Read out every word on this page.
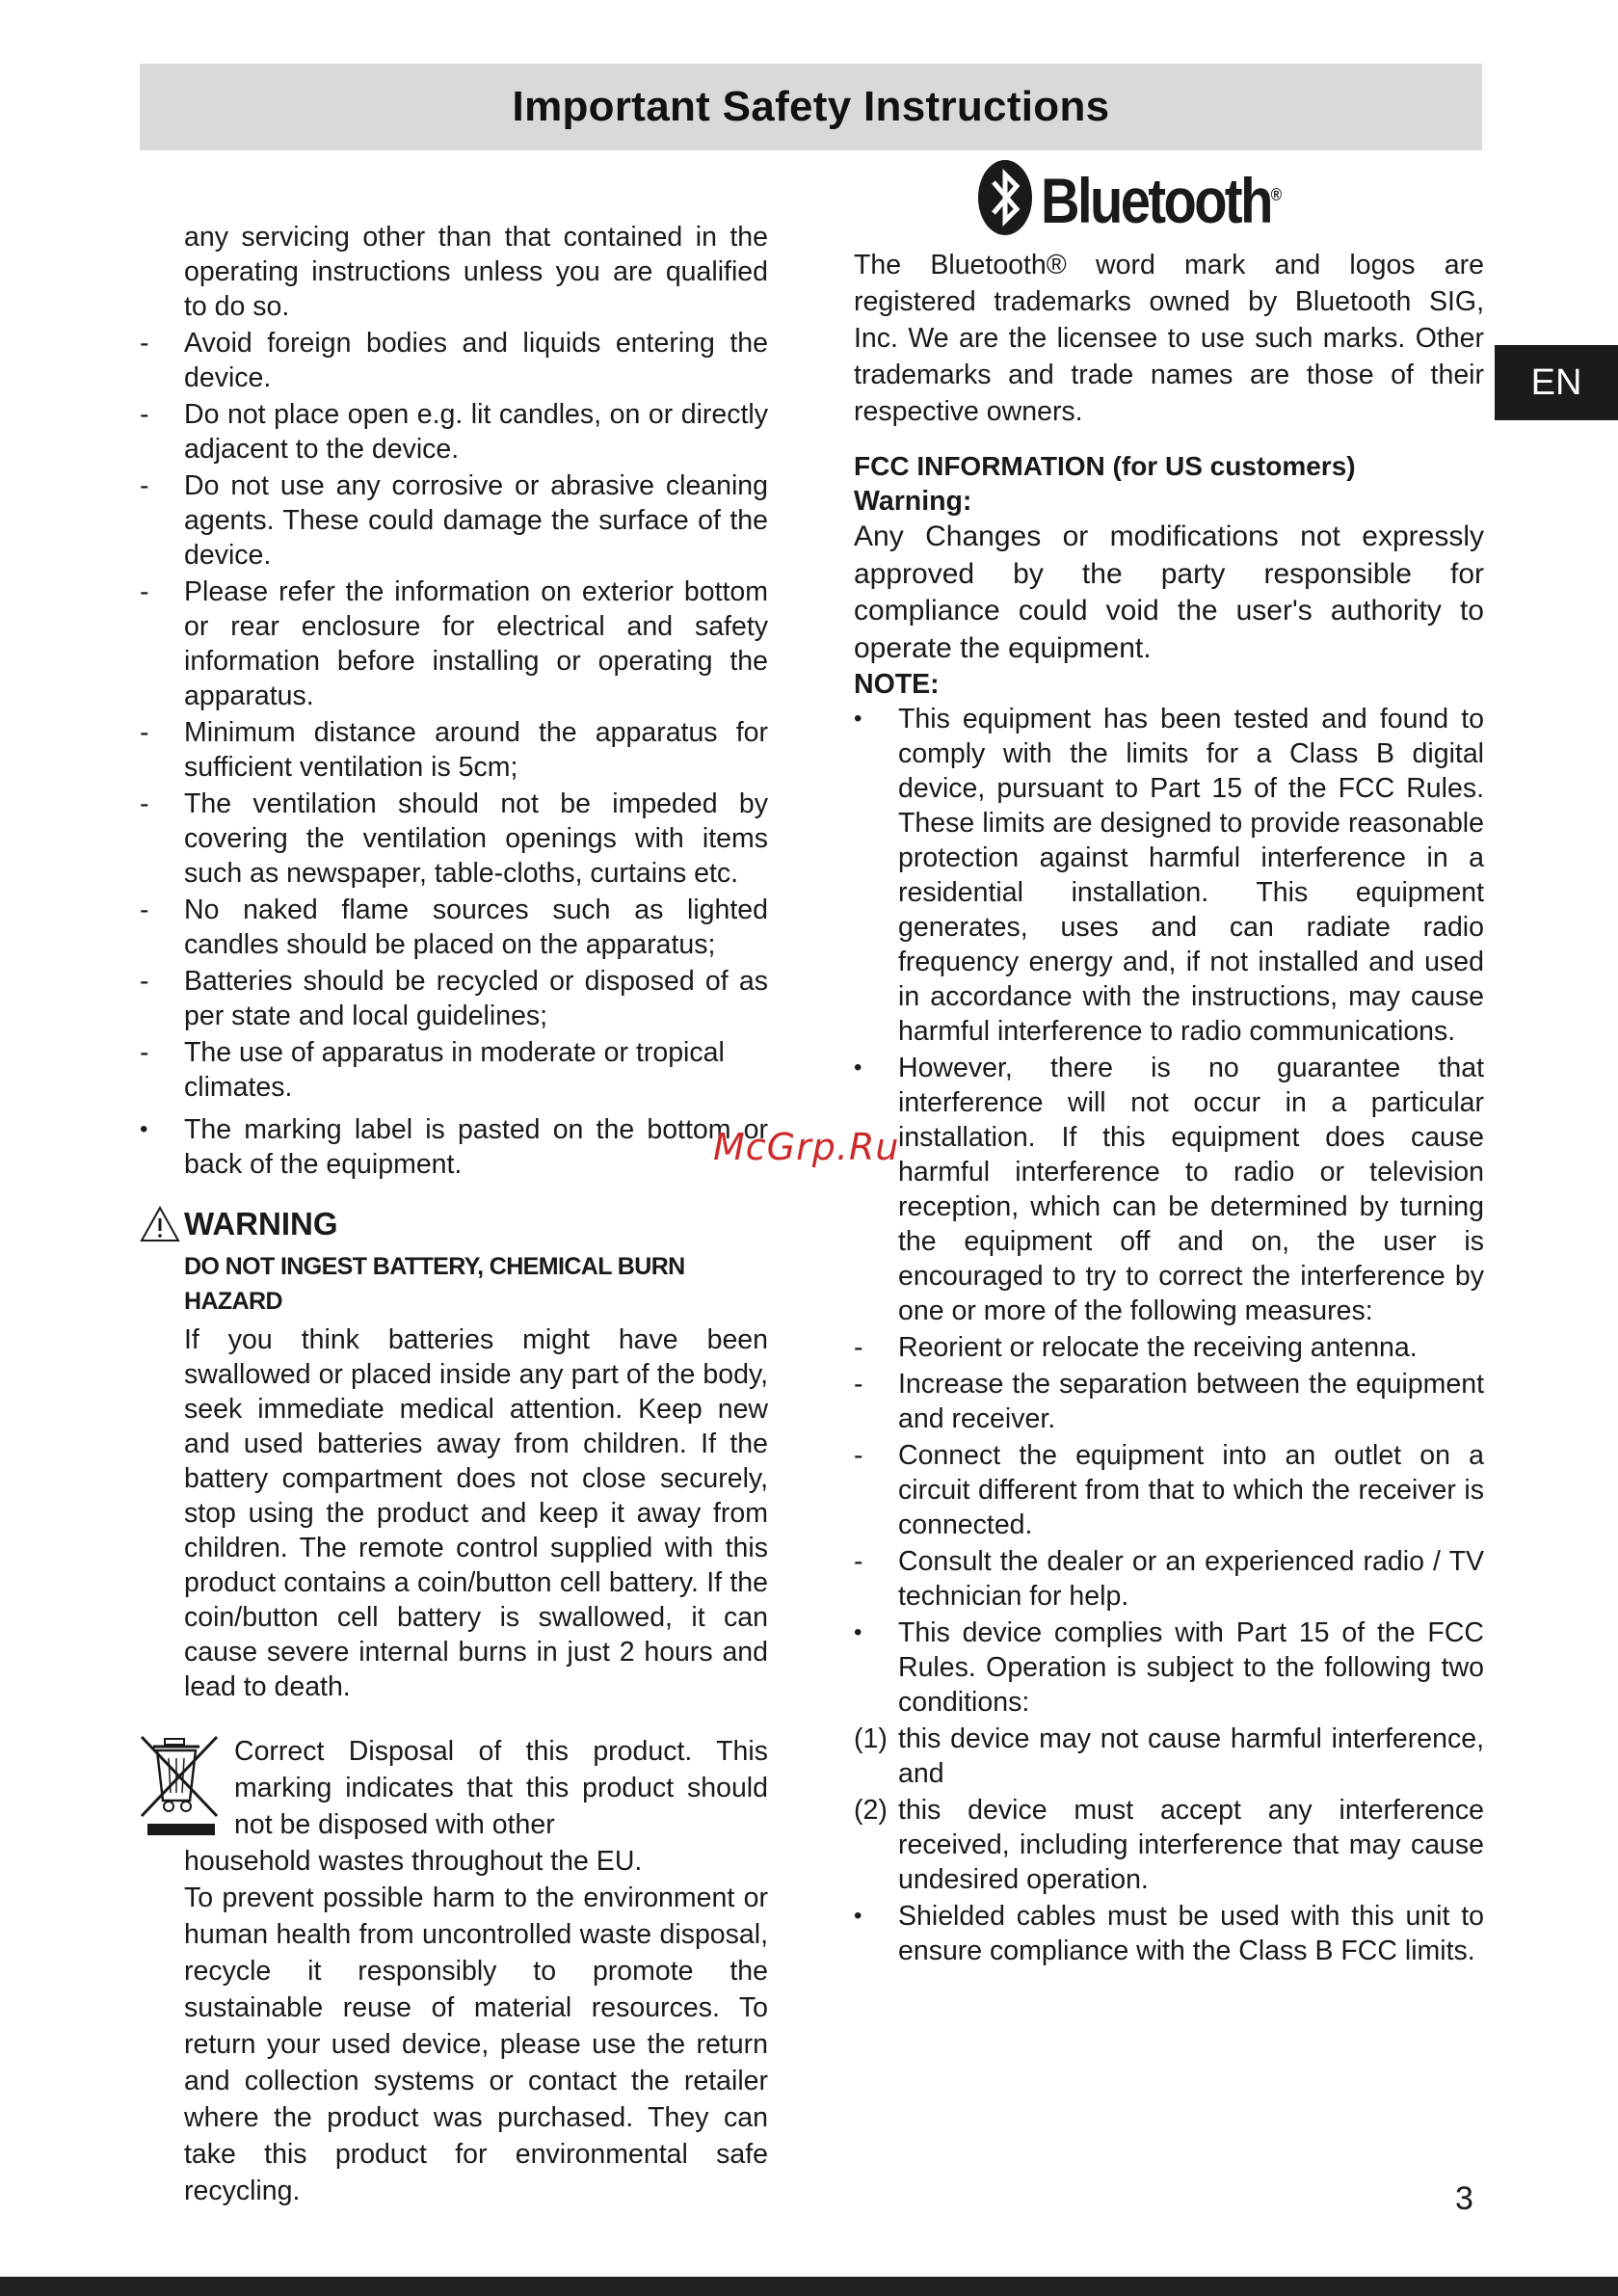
Important Safety Instructions
EN

any servicing other than that contained in the operating instructions unless you are qualified to do so.

-	Avoid foreign bodies and liquids entering the device.
-	Do not place open e.g. lit candles, on or directly adjacent to the device.
-	Do not use any corrosive or abrasive cleaning agents. These could damage the surface of the device.
-	Please refer the information on exterior bottom or rear enclosure for electrical and safety information before installing or operating the apparatus.
-	Minimum distance around the apparatus for sufficient ventilation is 5cm;
-	The ventilation should not be impeded by covering the ventilation openings with items such as newspaper, table-cloths, curtains etc.
-	No naked flame sources such as lighted candles should be placed on the apparatus;
-	Batteries should be recycled or disposed of as per state and local guidelines;
-	The use of apparatus in moderate or tropical climates.
•	The marking label is pasted on the bottom or back of the equipment.
WARNING
DO NOT INGEST BATTERY, CHEMICAL BURN HAZARD

If you think batteries might have been swallowed or placed inside any part of the body, seek immediate medical attention. Keep new and used batteries away from children. If the battery compartment does not close securely, stop using the product and keep it away from children. The remote control supplied with this product contains a coin/button cell battery. If the coin/button cell battery is swallowed, it can cause severe internal burns in just 2 hours and lead to death.

Correct Disposal of this product. This marking indicates that this product should not be disposed with other

household wastes throughout the EU.

To prevent possible harm to the environment or human health from uncontrolled waste disposal, recycle it responsibly to promote the sustainable reuse of material resources. To return your used device, please use the return and collection systems or contact the retailer where the product was purchased. They can take this product for environmental safe recycling.

Bluetooth®

The Bluetooth® word mark and logos are registered trademarks owned by Bluetooth SIG, Inc. We are the licensee to use such marks. Other trademarks and trade names are those of their respective owners.

FCC INFORMATION (for US customers)

Warning:

Any Changes or modifications not expressly approved by the party responsible for compliance could void the user's authority to operate the equipment.

NOTE:

•	This equipment has been tested and found to comply with the limits for a Class B digital device, pursuant to Part 15 of the FCC Rules. These limits are designed to provide reasonable protection against harmful interference in a residential installation. This equipment generates, uses and can radiate radio frequency energy and, if not installed and used in accordance with the instructions, may cause harmful interference to radio communications.
•	However, there is no guarantee that interference will not occur in a particular installation. If this equipment does cause harmful interference to radio or television reception, which can be determined by turning the equipment off and on, the user is encouraged to try to correct the interference by one or more of the following measures:
-	Reorient or relocate the receiving antenna.
-	Increase the separation between the equipment and receiver.
-	Connect the equipment into an outlet on a circuit different from that to which the receiver is connected.
-	Consult the dealer or an experienced radio / TV technician for help.
•	This device complies with Part 15 of the FCC Rules. Operation is subject to the following two conditions:
(1) this device may not cause harmful interference, and
(2) this device must accept any interference received, including interference that may cause undesired operation.
•	Shielded cables must be used with this unit to ensure compliance with the Class B FCC limits.
McGrp.Ru
3
